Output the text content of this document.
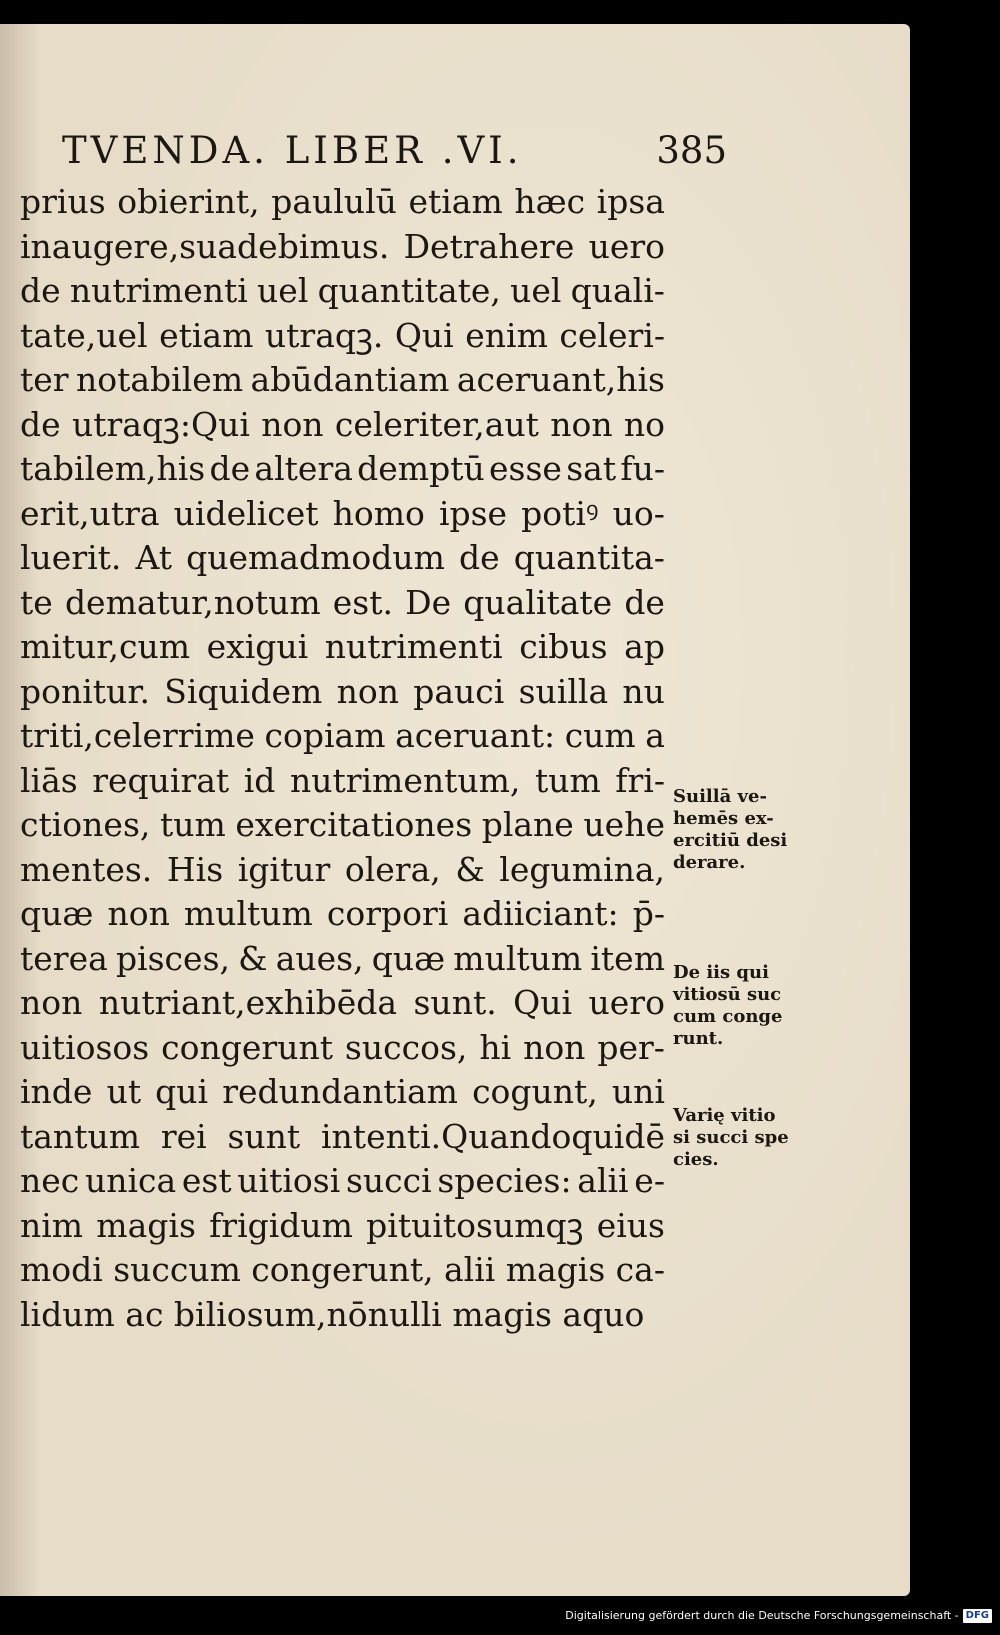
TVENDA. LIBER .VI.	385
prius obierint, paululū etiam hæc ipsa
inaugere,suadebimus. Detrahere uero
de nutrimenti uel quantitate, uel quali-
tate,uel etiam utraqꝫ. Qui enim celeri-
ter notabilem abūdantiam aceruant,his
de utraqꝫ:Qui non celeriter,aut non no
tabilem,his de altera demptū esse sat fu-
erit,utra uidelicet homo ipse potiꝰ uo-
luerit. At quemadmodum de quantita-
te dematur,notum est. De qualitate de
mitur,cum exigui nutrimenti cibus ap
ponitur. Siquidem non pauci suilla nu
triti,celerrime copiam aceruant: cum a
liās requirat id nutrimentum, tum fri-
ctiones, tum exercitationes plane uehe
mentes. His igitur olera, & legumina,
quæ non multum corpori adiiciant: p̄-
terea pisces, & aues, quæ multum item
non nutriant,exhibēda sunt. Qui uero
uitiosos congerunt succos, hi non per-
inde ut qui redundantiam cogunt, uni
tantum rei sunt intenti.Quandoquidē
nec unica est uitiosi succi species: alii e-
nim magis frigidum pituitosumqꝫ eius
modi succum congerunt, alii magis ca-
lidum ac biliosum,nōnulli magis aquo
Suillā ve-
hemēs ex-
ercitiū desi
derare.
De iis qui
vitiosū suc
cum conge
runt.
Varię vitio
si succi spe
cies.
Digitalisierung gefördert durch die Deutsche Forschungsgemeinschaft - DFG
